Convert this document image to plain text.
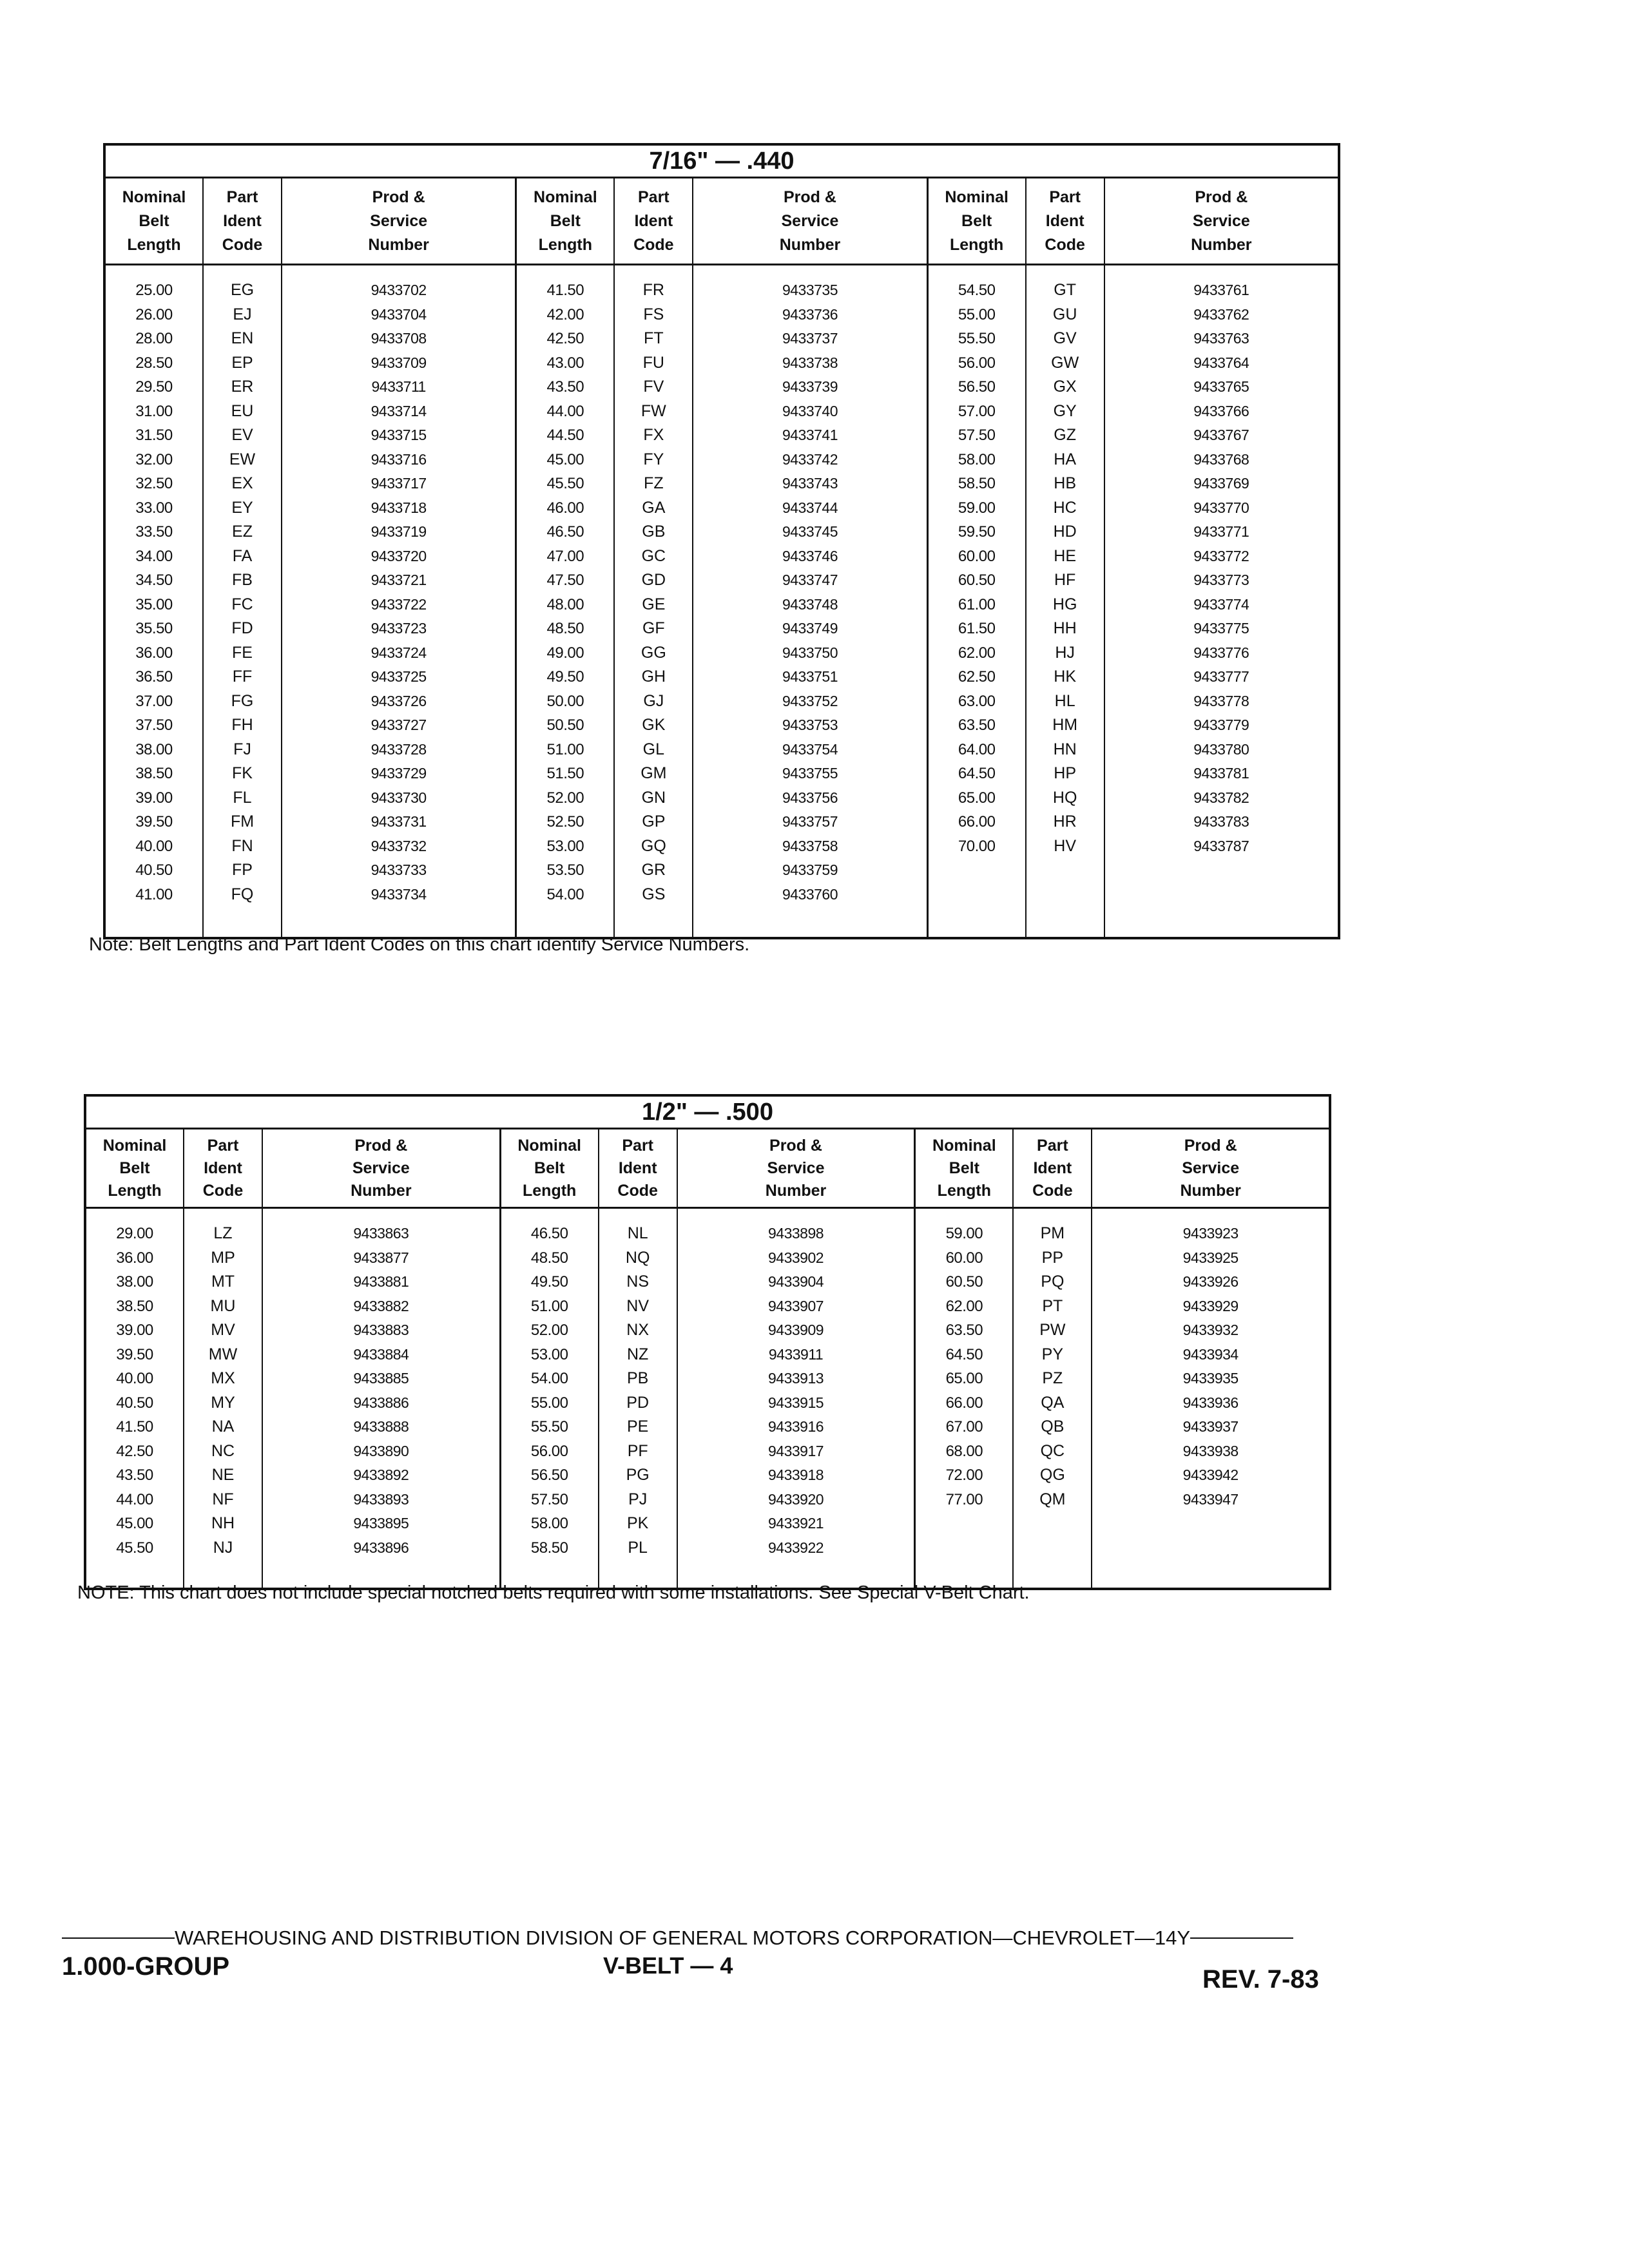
7/16" — .440
Nominal
Belt
Length
25.00
26.00
28.00
28.50
29.50
31.00
31.50
32.00
32.50
33.00
33.50
34.00
34.50
35.00
35.50
36.00
36.50
37.00
37.50
38.00
38.50
39.00
39.50
40.00
40.50
41.00
Part
Ident
Code
EG
EJ
EN
EP
ER
EU
EV
EW
EX
EY
EZ
FA
FB
FC
FD
FE
FF
FG
FH
FJ
FK
FL
FM
FN
FP
FQ
Prod &
Service
Number
9433702
9433704
9433708
9433709
9433711
9433714
9433715
9433716
9433717
9433718
9433719
9433720
9433721
9433722
9433723
9433724
9433725
9433726
9433727
9433728
9433729
9433730
9433731
9433732
9433733
9433734
Nominal
Belt
Length
41.50
42.00
42.50
43.00
43.50
44.00
44.50
45.00
45.50
46.00
46.50
47.00
47.50
48.00
48.50
49.00
49.50
50.00
50.50
51.00
51.50
52.00
52.50
53.00
53.50
54.00
Part
Ident
Code
FR
FS
FT
FU
FV
FW
FX
FY
FZ
GA
GB
GC
GD
GE
GF
GG
GH
GJ
GK
GL
GM
GN
GP
GQ
GR
GS
Prod &
Service
Number
9433735
9433736
9433737
9433738
9433739
9433740
9433741
9433742
9433743
9433744
9433745
9433746
9433747
9433748
9433749
9433750
9433751
9433752
9433753
9433754
9433755
9433756
9433757
9433758
9433759
9433760
Nominal
Belt
Length
54.50
55.00
55.50
56.00
56.50
57.00
57.50
58.00
58.50
59.00
59.50
60.00
60.50
61.00
61.50
62.00
62.50
63.00
63.50
64.00
64.50
65.00
66.00
70.00
Part
Ident
Code
GT
GU
GV
GW
GX
GY
GZ
HA
HB
HC
HD
HE
HF
HG
HH
HJ
HK
HL
HM
HN
HP
HQ
HR
HV
Prod &
Service
Number
9433761
9433762
9433763
9433764
9433765
9433766
9433767
9433768
9433769
9433770
9433771
9433772
9433773
9433774
9433775
9433776
9433777
9433778
9433779
9433780
9433781
9433782
9433783
9433787
Note: Belt Lengths and Part Ident Codes on this chart identify Service Numbers.
1/2" — .500
Nominal
Belt
Length
29.00
36.00
38.00
38.50
39.00
39.50
40.00
40.50
41.50
42.50
43.50
44.00
45.00
45.50
Part
Ident
Code
LZ
MP
MT
MU
MV
MW
MX
MY
NA
NC
NE
NF
NH
NJ
Prod &
Service
Number
9433863
9433877
9433881
9433882
9433883
9433884
9433885
9433886
9433888
9433890
9433892
9433893
9433895
9433896
Nominal
Belt
Length
46.50
48.50
49.50
51.00
52.00
53.00
54.00
55.00
55.50
56.00
56.50
57.50
58.00
58.50
Part
Ident
Code
NL
NQ
NS
NV
NX
NZ
PB
PD
PE
PF
PG
PJ
PK
PL
Prod &
Service
Number
9433898
9433902
9433904
9433907
9433909
9433911
9433913
9433915
9433916
9433917
9433918
9433920
9433921
9433922
Nominal
Belt
Length
59.00
60.00
60.50
62.00
63.50
64.50
65.00
66.00
67.00
68.00
72.00
77.00
Part
Ident
Code
PM
PP
PQ
PT
PW
PY
PZ
QA
QB
QC
QG
QM
Prod &
Service
Number
9433923
9433925
9433926
9433929
9433932
9433934
9433935
9433936
9433937
9433938
9433942
9433947
NOTE: This chart does not include special notched belts required with some installations. See Special V-Belt Chart.
WAREHOUSING AND DISTRIBUTION DIVISION OF GENERAL MOTORS CORPORATION—CHEVROLET—14Y
1.000-GROUP	V-BELT — 4	REV. 7-83
